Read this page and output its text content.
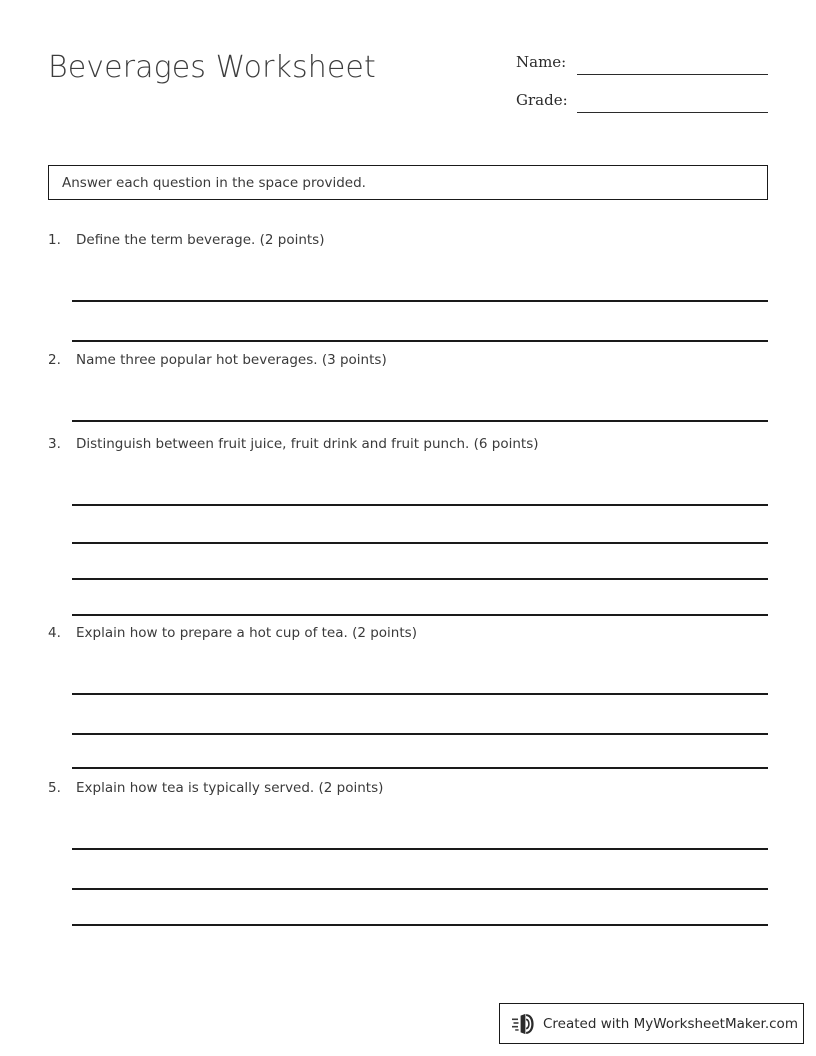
Beverages Worksheet	Name:
Grade:
Answer each question in the space provided.
1.	Define the term beverage. (2 points)
2.	Name three popular hot beverages. (3 points)
3.	Distinguish between fruit juice, fruit drink and fruit punch. (6 points)
4.	Explain how to prepare a hot cup of tea. (2 points)
5.	Explain how tea is typically served. (2 points)
Created with MyWorksheetMaker.com
